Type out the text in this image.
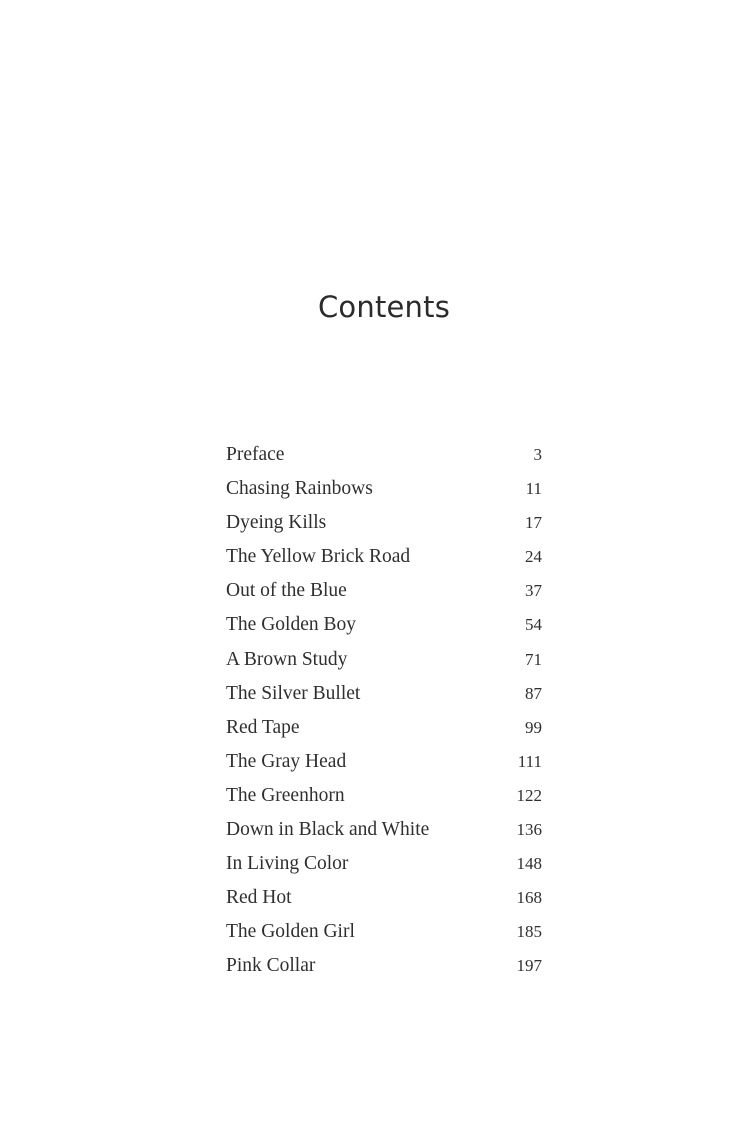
Contents
Preface	3
Chasing Rainbows	11
Dyeing Kills	17
The Yellow Brick Road	24
Out of the Blue	37
The Golden Boy	54
A Brown Study	71
The Silver Bullet	87
Red Tape	99
The Gray Head	111
The Greenhorn	122
Down in Black and White	136
In Living Color	148
Red Hot	168
The Golden Girl	185
Pink Collar	197
